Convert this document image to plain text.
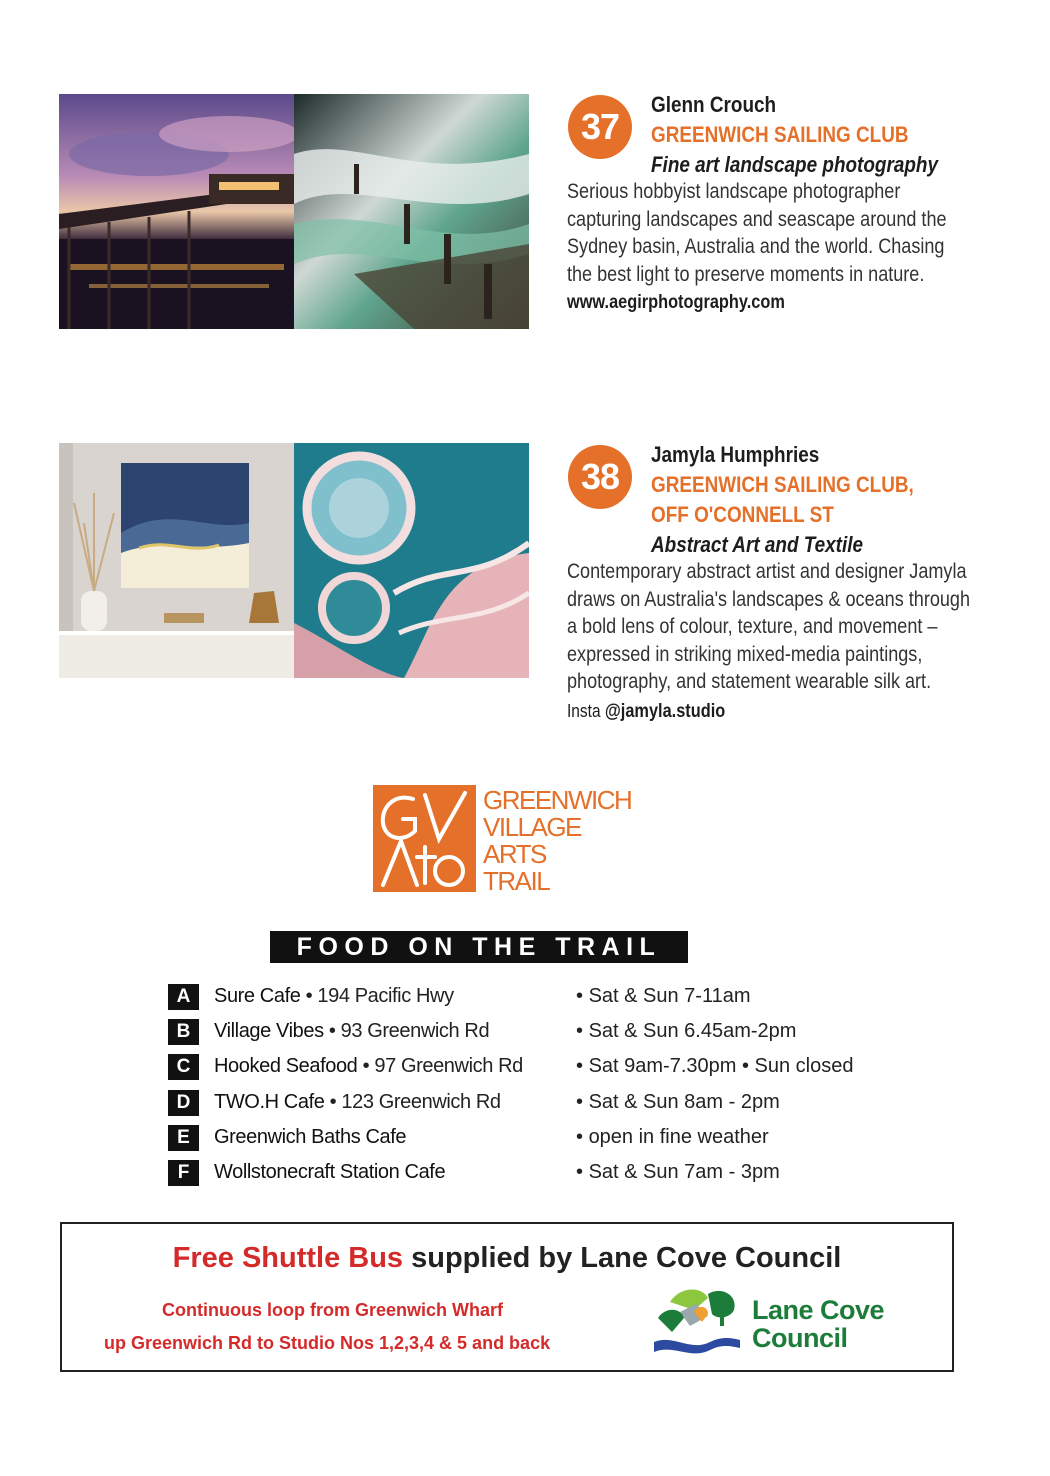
37
Glenn Crouch
GREENWICH SAILING CLUB
Fine art landscape photography

Serious hobbyist landscape photographer

capturing landscapes and seascape around the

Sydney basin, Australia and the world. Chasing

the best light to preserve moments in nature.

www.aegirphotography.com
38
Jamyla Humphries
GREENWICH SAILING CLUB,
OFF O'CONNELL ST
Abstract Art and Textile

Contemporary abstract artist and designer Jamyla

draws on Australia's landscapes & oceans through

a bold lens of colour, texture, and movement –

expressed in striking mixed-media paintings,

photography, and statement wearable silk art.

Insta @jamyla.studio
GREENWICH
VILLAGE
ARTS
TRAIL
FOOD ON THE TRAIL
A	Sure Cafe • 194 Pacific Hwy	• Sat & Sun 7-11am
B	Village Vibes • 93 Greenwich Rd	• Sat & Sun 6.45am-2pm
C	Hooked Seafood • 97 Greenwich Rd	• Sat 9am-7.30pm • Sun closed
D	TWO.H Cafe • 123 Greenwich Rd	• Sat & Sun 8am - 2pm
E	Greenwich Baths Cafe	• open in fine weather
F	Wollstonecraft Station Cafe	• Sat & Sun 7am - 3pm
Free Shuttle Bus supplied by Lane Cove Council
Continuous loop from Greenwich Wharf
up Greenwich Rd to Studio Nos 1,2,3,4 & 5 and back
Lane Cove
Council
